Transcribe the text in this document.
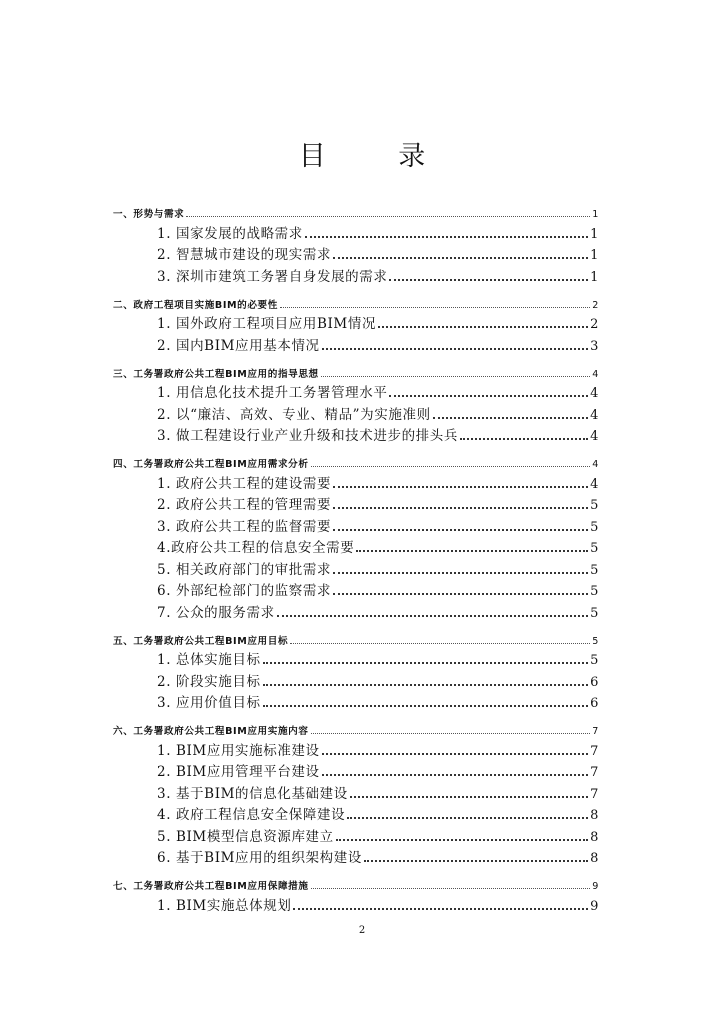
目 录
一、形势与需求	1
1. 国家发展的战略需求	1
2. 智慧城市建设的现实需求	1
3. 深圳市建筑工务署自身发展的需求	1
二、政府工程项目实施BIM的必要性	2
1. 国外政府工程项目应用BIM情况	2
2. 国内BIM应用基本情况	3
三、工务署政府公共工程BIM应用的指导思想	4
1. 用信息化技术提升工务署管理水平	4
2. 以“廉洁、高效、专业、精品”为实施准则	4
3. 做工程建设行业产业升级和技术进步的排头兵	4
四、工务署政府公共工程BIM应用需求分析	4
1. 政府公共工程的建设需要	4
2. 政府公共工程的管理需要	5
3. 政府公共工程的监督需要	5
4.政府公共工程的信息安全需要	5
5. 相关政府部门的审批需求	5
6. 外部纪检部门的监察需求	5
7. 公众的服务需求	5
五、工务署政府公共工程BIM应用目标	5
1. 总体实施目标	5
2. 阶段实施目标	6
3. 应用价值目标	6
六、工务署政府公共工程BIM应用实施内容	7
1. BIM应用实施标准建设	7
2. BIM应用管理平台建设	7
3. 基于BIM的信息化基础建设	7
4. 政府工程信息安全保障建设	8
5. BIM模型信息资源库建立	8
6. 基于BIM应用的组织架构建设	8
七、工务署政府公共工程BIM应用保障措施	9
1. BIM实施总体规划	9
2
